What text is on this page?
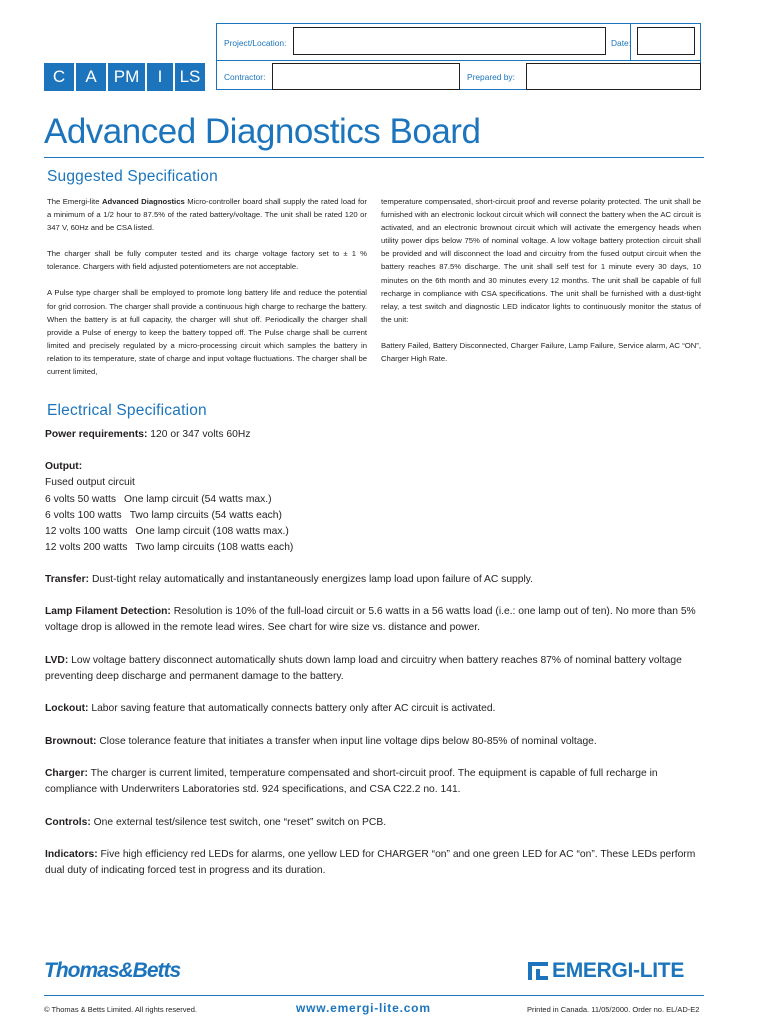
Project/Location:	Date:
Contractor:	Prepared by:
C	A	PM	I	LS
Advanced Diagnostics Board
Suggested Specification

The Emergi-lite Advanced Diagnostics Micro-controller board shall supply the rated load for a minimum of a 1/2 hour to 87.5% of the rated battery/voltage. The unit shall be rated 120 or 347 V, 60Hz and be CSA listed.

The charger shall be fully computer tested and its charge voltage factory set to ± 1 % tolerance. Chargers with field adjusted potentiometers are not acceptable.

A Pulse type charger shall be employed to promote long battery life and reduce the potential for grid corrosion. The charger shall provide a continuous high charge to recharge the battery. When the battery is at full capacity, the charger will shut off. Periodically the charger shall provide a Pulse of energy to keep the battery topped off. The Pulse charge shall be current limited and precisely regulated by a micro-processing circuit which samples the battery in relation to its temperature, state of charge and input voltage fluctuations. The charger shall be current limited,

temperature compensated, short-circuit proof and reverse polarity protected. The unit shall be furnished with an electronic lockout circuit which will connect the battery when the AC circuit is activated, and an electronic brownout circuit which will activate the emergency heads when utility power dips below 75% of nominal voltage. A low voltage battery protection circuit shall be provided and will disconnect the load and circuitry from the fused output circuit when the battery reaches 87.5% discharge. The unit shall self test for 1 minute every 30 days, 10 minutes on the 6th month and 30 minutes every 12 months. The unit shall be capable of full recharge in compliance with CSA specifications. The unit shall be furnished with a dust-tight relay, a test switch and diagnostic LED indicator lights to continuously monitor the status of the unit:

Battery Failed, Battery Disconnected, Charger Failure, Lamp Failure, Service alarm, AC “ON”, Charger High Rate.

Electrical Specification
Power requirements: 120 or 347 volts 60Hz
Output:
Fused output circuit
6 volts 50 watts One lamp circuit (54 watts max.)
6 volts 100 watts Two lamp circuits (54 watts each)
12 volts 100 watts One lamp circuit (108 watts max.)
12 volts 200 watts Two lamp circuits (108 watts each)
Transfer: Dust-tight relay automatically and instantaneously energizes lamp load upon failure of AC supply.
Lamp Filament Detection: Resolution is 10% of the full-load circuit or 5.6 watts in a 56 watts load (i.e.: one lamp out of ten). No more than 5% voltage drop is allowed in the remote lead wires. See chart for wire size vs. distance and power.
LVD: Low voltage battery disconnect automatically shuts down lamp load and circuitry when battery reaches 87% of nominal battery voltage preventing deep discharge and permanent damage to the battery.
Lockout: Labor saving feature that automatically connects battery only after AC circuit is activated.
Brownout: Close tolerance feature that initiates a transfer when input line voltage dips below 80-85% of nominal voltage.
Charger: The charger is current limited, temperature compensated and short-circuit proof. The equipment is capable of full recharge in compliance with Underwriters Laboratories std. 924 specifications, and CSA C22.2 no. 141.
Controls: One external test/silence test switch, one “reset” switch on PCB.
Indicators: Five high efficiency red LEDs for alarms, one yellow LED for CHARGER “on” and one green LED for AC “on”. These LEDs perform dual duty of indicating forced test in progress and its duration.
Thomas&Betts	EMERGI-LITE
© Thomas & Betts Limited. All rights reserved.	www.emergi-lite.com	Printed in Canada. 11/05/2000. Order no. EL/AD-E2
